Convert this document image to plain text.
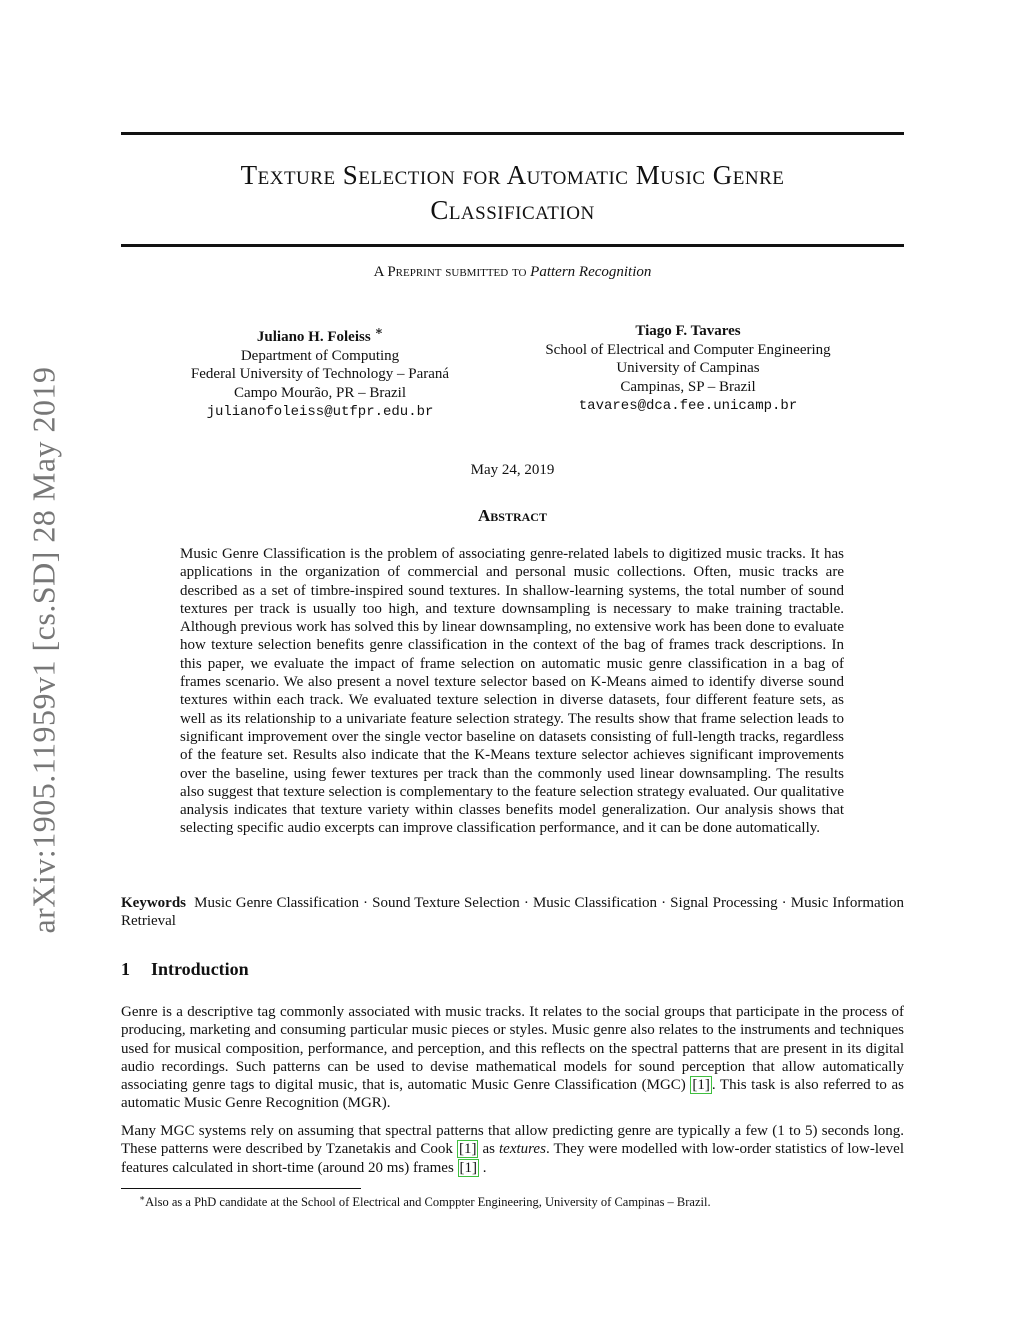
arXiv:1905.11959v1 [cs.SD] 28 May 2019
Texture Selection for Automatic Music Genre
Classification
A Preprint submitted to Pattern Recognition
Juliano H. Foleiss ∗
Department of Computing
Federal University of Technology – Paraná
Campo Mourão, PR – Brazil
julianofoleiss@utfpr.edu.br
Tiago F. Tavares
School of Electrical and Computer Engineering
University of Campinas
Campinas, SP – Brazil
tavares@dca.fee.unicamp.br
May 24, 2019
Abstract
Music Genre Classification is the problem of associating genre-related labels to digitized music tracks. It has applications in the organization of commercial and personal music collections. Often, music tracks are described as a set of timbre-inspired sound textures. In shallow-learning systems, the total number of sound textures per track is usually too high, and texture downsampling is necessary to make training tractable. Although previous work has solved this by linear downsampling, no extensive work has been done to evaluate how texture selection benefits genre classification in the context of the bag of frames track descriptions. In this paper, we evaluate the impact of frame selection on automatic music genre classification in a bag of frames scenario. We also present a novel texture selector based on K-Means aimed to identify diverse sound textures within each track. We evaluated texture selection in diverse datasets, four different feature sets, as well as its relationship to a univariate feature selection strategy. The results show that frame selection leads to significant improvement over the single vector baseline on datasets consisting of full-length tracks, regardless of the feature set. Results also indicate that the K-Means texture selector achieves significant improvements over the baseline, using fewer textures per track than the commonly used linear downsampling. The results also suggest that texture selection is complementary to the feature selection strategy evaluated. Our qualitative analysis indicates that texture variety within classes benefits model generalization. Our analysis shows that selecting specific audio excerpts can improve classification performance, and it can be done automatically.
Keywords Music Genre Classification · Sound Texture Selection · Music Classification · Signal Processing · Music Information Retrieval
1 Introduction
Genre is a descriptive tag commonly associated with music tracks. It relates to the social groups that participate in the process of producing, marketing and consuming particular music pieces or styles. Music genre also relates to the instruments and techniques used for musical composition, performance, and perception, and this reflects on the spectral patterns that are present in its digital audio recordings. Such patterns can be used to devise mathematical models for sound perception that allow automatically associating genre tags to digital music, that is, automatic Music Genre Classification (MGC) [1] . This task is also referred to as automatic Music Genre Recognition (MGR).
Many MGC systems rely on assuming that spectral patterns that allow predicting genre are typically a few (1 to 5) seconds long. These patterns were described by Tzanetakis and Cook [1] as textures. They were modelled with low-order statistics of low-level features calculated in short-time (around 20 ms) frames [1] .
∗Also as a PhD candidate at the School of Electrical and Comppter Engineering, University of Campinas – Brazil.
